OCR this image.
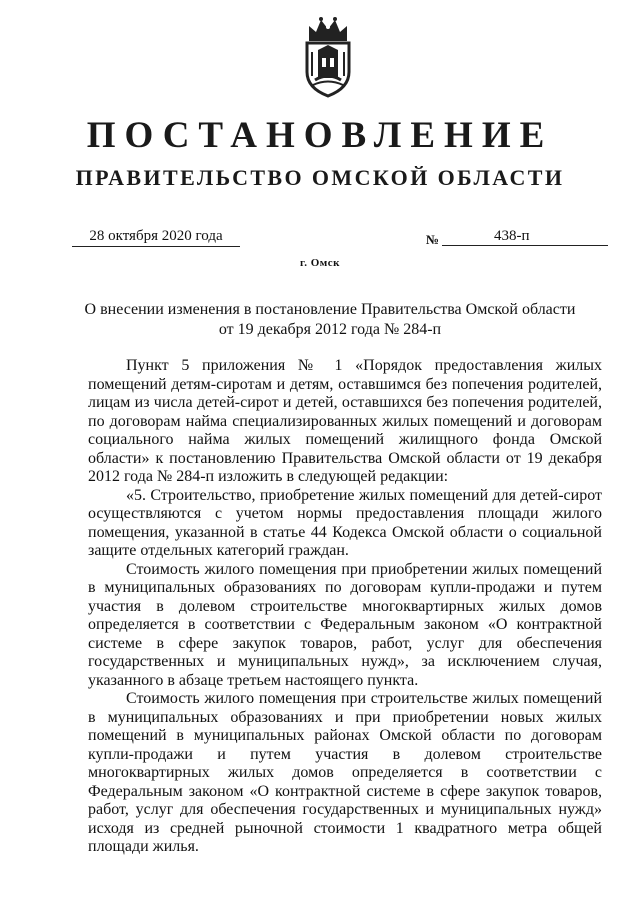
ПОСТАНОВЛЕНИЕ
ПРАВИТЕЛЬСТВО ОМСКОЙ ОБЛАСТИ
28 октября 2020 года	№	438-п
г. Омск
О внесении изменения в постановление Правительства Омской области
от 19 декабря 2012 года № 284-п

Пункт 5 приложения № 1 «Порядок предоставления жилых помещений детям-сиротам и детям, оставшимся без попечения родителей, лицам из числа детей-сирот и детей, оставшихся без попечения родителей, по договорам найма специализированных жилых помещений и договорам социального найма жилых помещений жилищного фонда Омской области» к постановлению Правительства Омской области от 19 декабря 2012 года № 284-п изложить в следующей редакции:

«5. Строительство, приобретение жилых помещений для детей-сирот осуществляются с учетом нормы предоставления площади жилого помещения, указанной в статье 44 Кодекса Омской области о социальной защите отдельных категорий граждан.

Стоимость жилого помещения при приобретении жилых помещений в муниципальных образованиях по договорам купли-продажи и путем участия в долевом строительстве многоквартирных жилых домов определяется в соответствии с Федеральным законом «О контрактной системе в сфере закупок товаров, работ, услуг для обеспечения государственных и муниципальных нужд», за исключением случая, указанного в абзаце третьем настоящего пункта.

Стоимость жилого помещения при строительстве жилых помещений в муниципальных образованиях и при приобретении новых жилых помещений в муниципальных районах Омской области по договорам купли-продажи и путем участия в долевом строительстве многоквартирных жилых домов определяется в соответствии с Федеральным законом «О контрактной системе в сфере закупок товаров, работ, услуг для обеспечения государственных и муниципальных нужд» исходя из средней рыночной стоимости 1 квадратного метра общей площади жилья.
